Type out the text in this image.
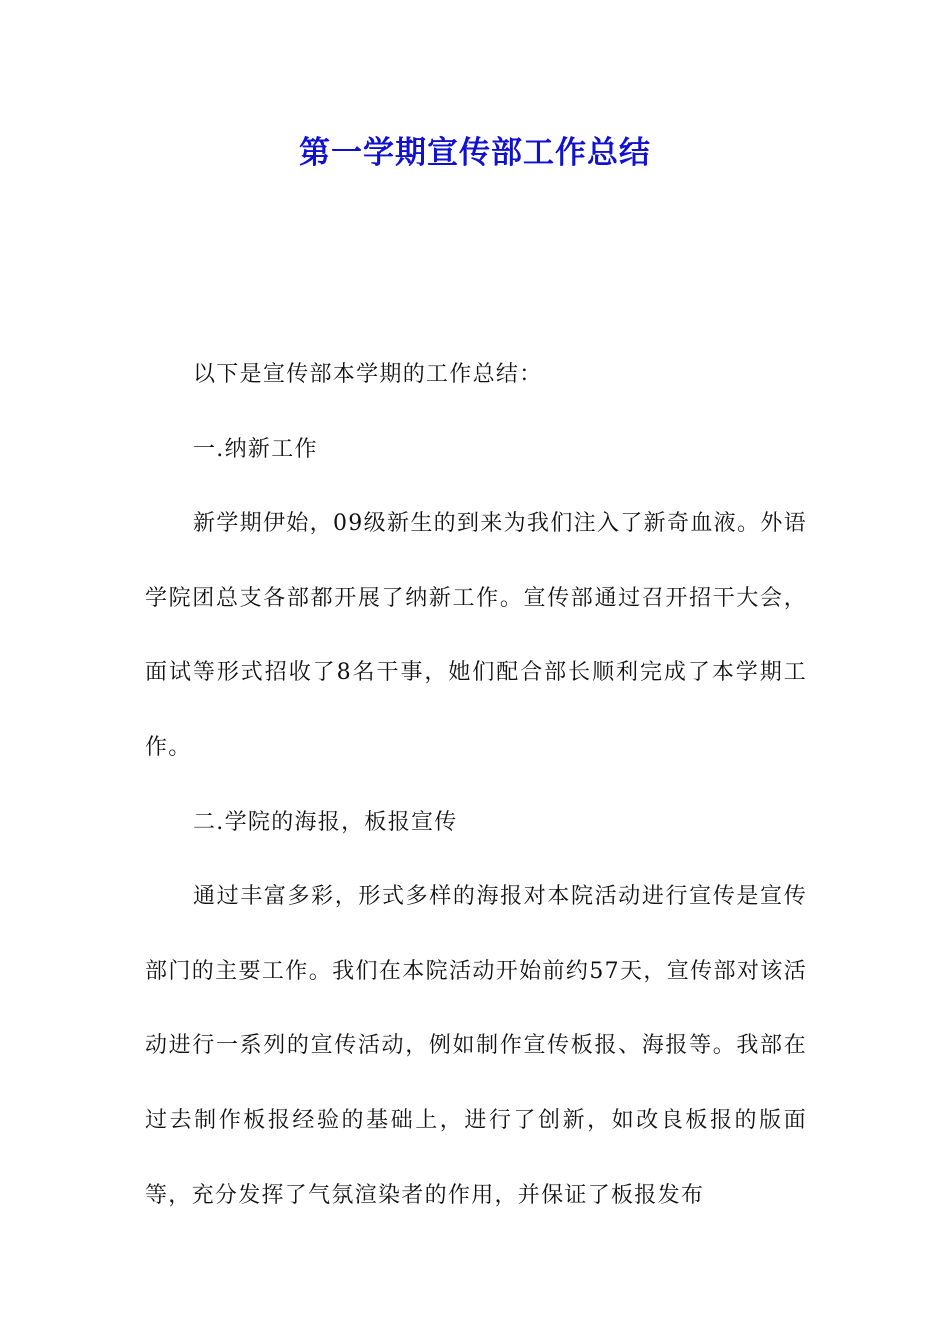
第一学期宣传部工作总结

以下是宣传部本学期的工作总结：

一.纳新工作

新学期伊始，09级新生的到来为我们注入了新奇血液。外语学院团总支各部都开展了纳新工作。宣传部通过召开招干大会，面试等形式招收了8名干事，她们配合部长顺利完成了本学期工作。

二.学院的海报，板报宣传

通过丰富多彩，形式多样的海报对本院活动进行宣传是宣传部门的主要工作。我们在本院活动开始前约57天，宣传部对该活动进行一系列的宣传活动，例如制作宣传板报、海报等。我部在过去制作板报经验的基础上，进行了创新，如改良板报的版面等，充分发挥了气氛渲染者的作用，并保证了板报发布
